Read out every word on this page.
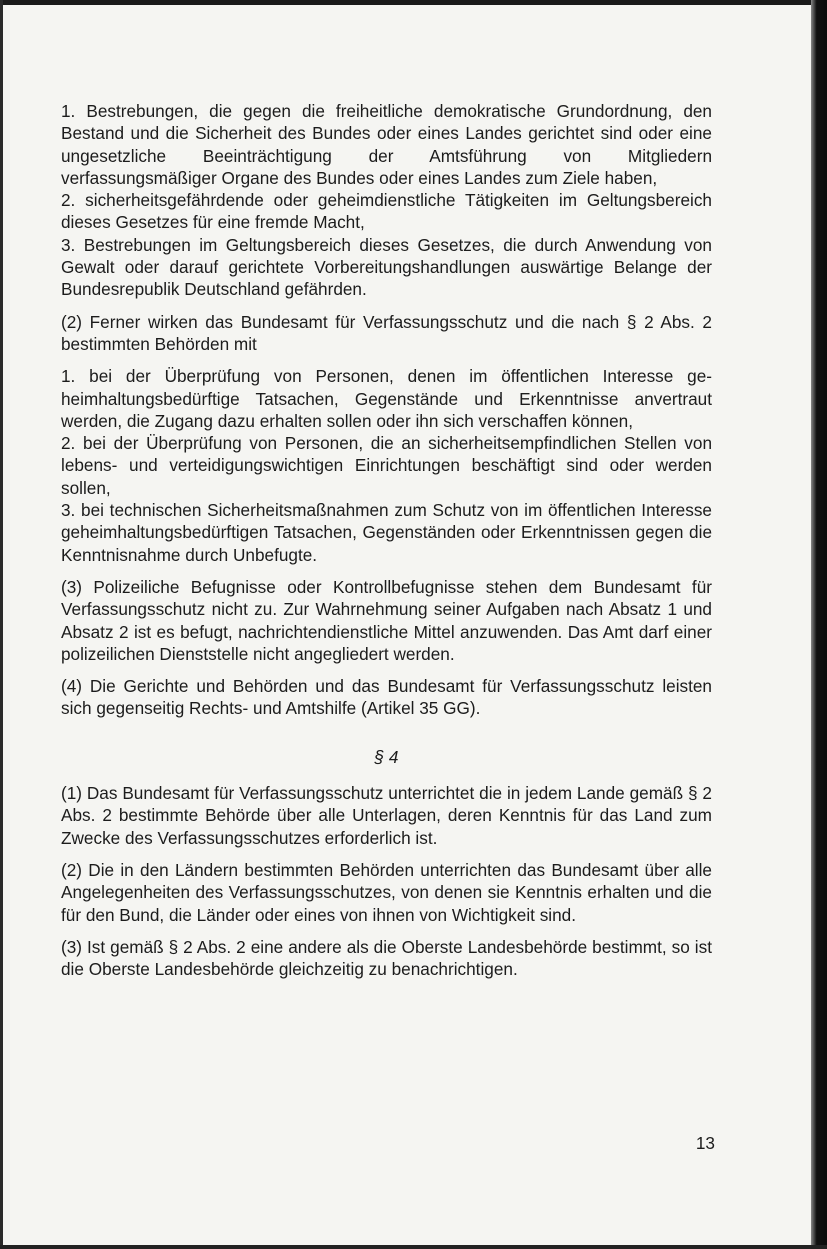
1. Bestrebungen, die gegen die freiheitliche demokratische Grundordnung, den Bestand und die Sicherheit des Bundes oder eines Landes gerichtet sind oder eine ungesetzliche Beeinträchtigung der Amtsführung von Mitgliedern verfassungsmäßiger Organe des Bundes oder eines Landes zum Ziele haben,
2. sicherheitsgefährdende oder geheimdienstliche Tätigkeiten im Geltungsbereich dieses Gesetzes für eine fremde Macht,
3. Bestrebungen im Geltungsbereich dieses Gesetzes, die durch Anwendung von Gewalt oder darauf gerichtete Vorbereitungshandlungen auswärtige Belange der Bundesrepublik Deutschland gefährden.

(2) Ferner wirken das Bundesamt für Verfassungsschutz und die nach § 2 Abs. 2 bestimmten Behörden mit

1. bei der Überprüfung von Personen, denen im öffentlichen Interesse geheimhaltungsbedürftige Tatsachen, Gegenstände und Erkenntnisse anvertraut werden, die Zugang dazu erhalten sollen oder ihn sich verschaffen können,
2. bei der Überprüfung von Personen, die an sicherheitsempfindlichen Stellen von lebens- und verteidigungswichtigen Einrichtungen beschäftigt sind oder werden sollen,
3. bei technischen Sicherheitsmaßnahmen zum Schutz von im öffentlichen Interesse geheimhaltungsbedürftigen Tatsachen, Gegenständen oder Erkenntnissen gegen die Kenntnisnahme durch Unbefugte.

(3) Polizeiliche Befugnisse oder Kontrollbefugnisse stehen dem Bundesamt für Verfassungsschutz nicht zu. Zur Wahrnehmung seiner Aufgaben nach Absatz 1 und Absatz 2 ist es befugt, nachrichtendienstliche Mittel anzuwenden. Das Amt darf einer polizeilichen Dienststelle nicht angegliedert werden.

(4) Die Gerichte und Behörden und das Bundesamt für Verfassungsschutz leisten sich gegenseitig Rechts- und Amtshilfe (Artikel 35 GG).

§ 4

(1) Das Bundesamt für Verfassungsschutz unterrichtet die in jedem Lande gemäß § 2 Abs. 2 bestimmte Behörde über alle Unterlagen, deren Kenntnis für das Land zum Zwecke des Verfassungsschutzes erforderlich ist.

(2) Die in den Ländern bestimmten Behörden unterrichten das Bundesamt über alle Angelegenheiten des Verfassungsschutzes, von denen sie Kenntnis erhalten und die für den Bund, die Länder oder eines von ihnen von Wichtigkeit sind.

(3) Ist gemäß § 2 Abs. 2 eine andere als die Oberste Landesbehörde bestimmt, so ist die Oberste Landesbehörde gleichzeitig zu benachrichtigen.

13
